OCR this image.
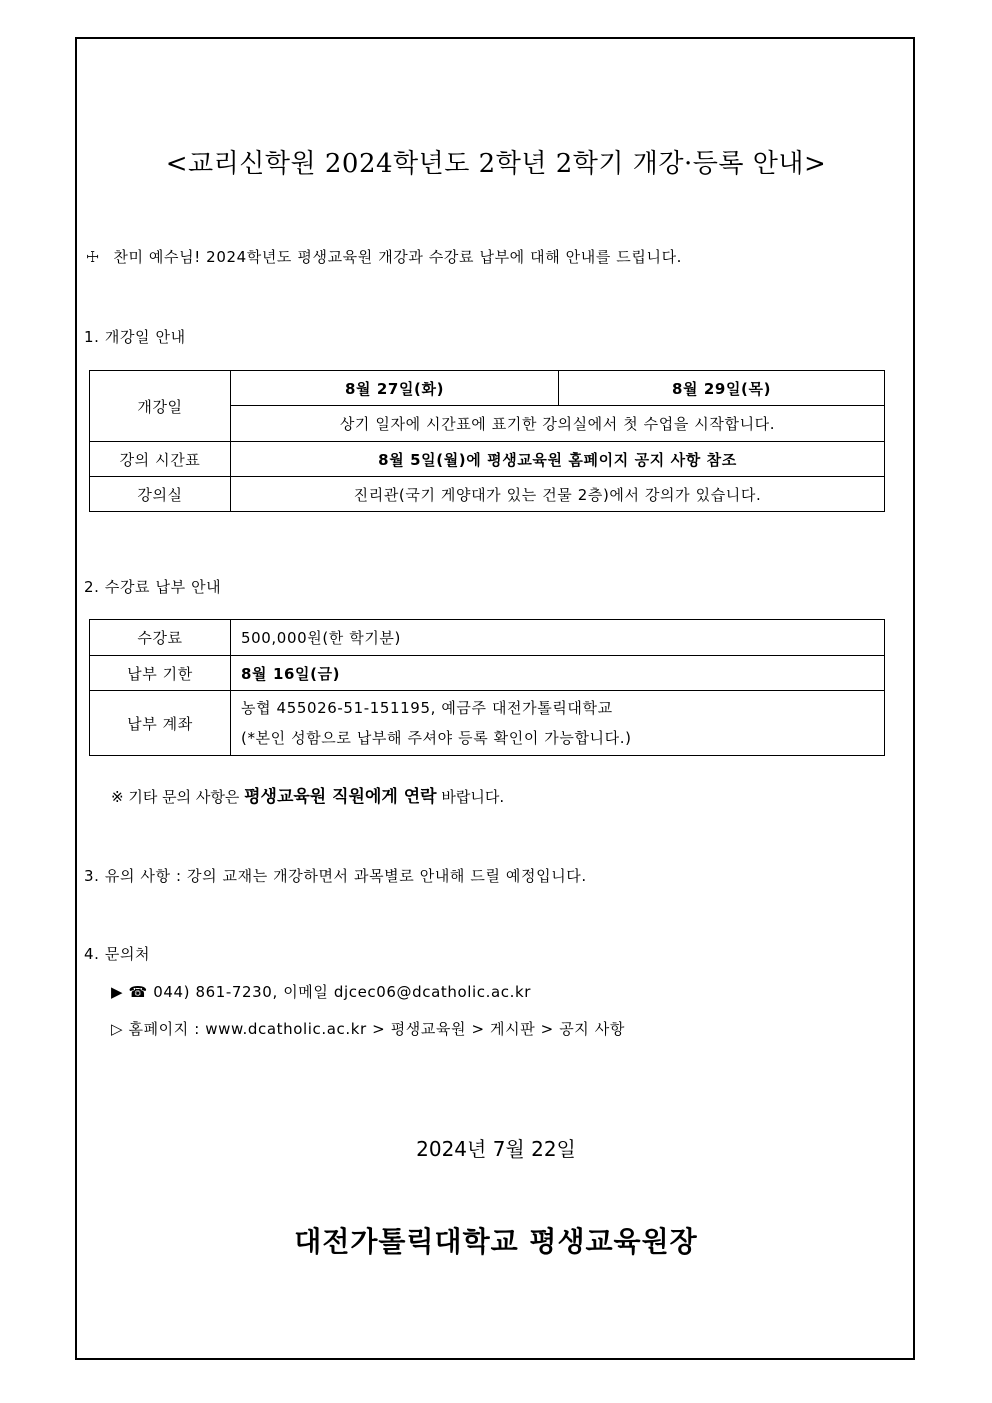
<교리신학원 2024학년도 2학년 2학기 개강·등록 안내>
☩ 찬미 예수님! 2024학년도 평생교육원 개강과 수강료 납부에 대해 안내를 드립니다.
1. 개강일 안내
개강일	8월 27일(화)	8월 29일(목)
	상기 일자에 시간표에 표기한 강의실에서 첫 수업을 시작합니다.	
강의 시간표	8월 5일(월)에 평생교육원 홈페이지 공지 사항 참조	
강의실	진리관(국기 게양대가 있는 건물 2층)에서 강의가 있습니다.	
2. 수강료 납부 안내
수강료	500,000원(한 학기분)
납부 기한	8월 16일(금)
납부 계좌	농협 455026-51-151195, 예금주 대전가톨릭대학교
(*본인 성함으로 납부해 주셔야 등록 확인이 가능합니다.)
※ 기타 문의 사항은 평생교육원 직원에게 연락 바랍니다.
3. 유의 사항 : 강의 교재는 개강하면서 과목별로 안내해 드릴 예정입니다.
4. 문의처
▶ ☎ 044) 861-7230, 이메일 djcec06@dcatholic.ac.kr
▷ 홈페이지 : www.dcatholic.ac.kr > 평생교육원 > 게시판 > 공지 사항
2024년 7월 22일
대전가톨릭대학교 평생교육원장
